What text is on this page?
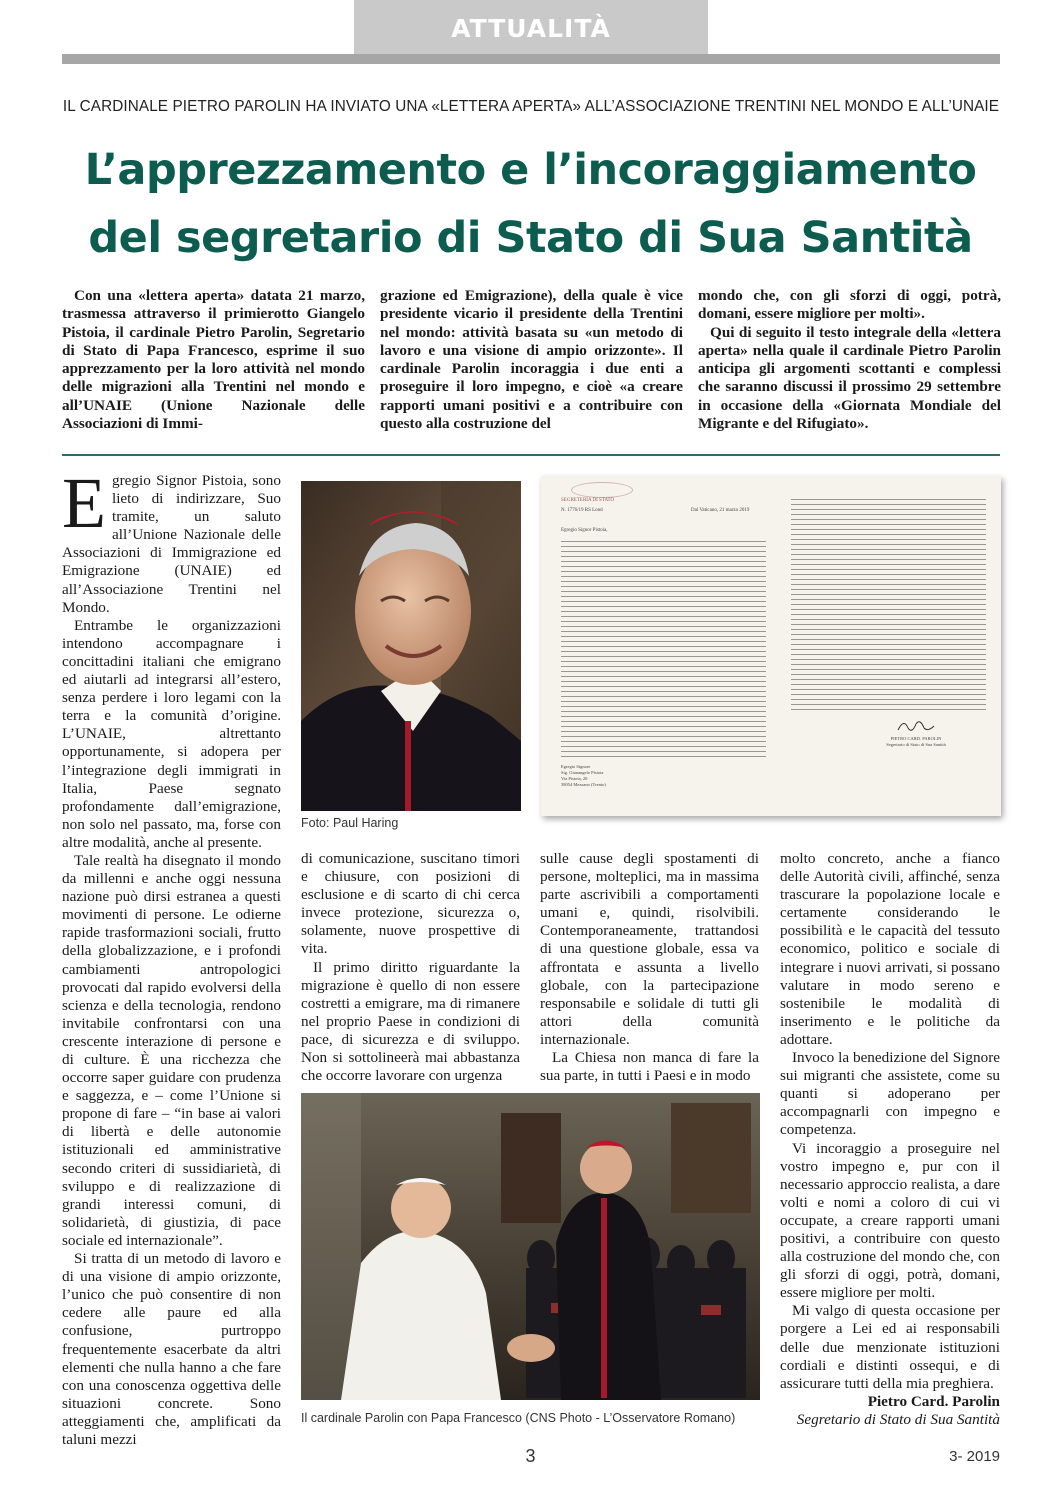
ATTUALITÀ
IL CARDINALE PIETRO PAROLIN HA INVIATO UNA «LETTERA APERTA» ALL’ASSOCIAZIONE TRENTINI NEL MONDO E ALL’UNAIE
L’apprezzamento e l’incoraggiamento
del segretario di Stato di Sua Santità

Con una «lettera aperta» datata 21 marzo, trasmessa attraverso il primierotto Giangelo Pistoia, il cardinale Pietro Parolin, Segretario di Stato di Papa Francesco, esprime il suo apprezzamento per la loro attività nel mondo delle migrazioni alla Trentini nel mondo e all’UNAIE (Unione Nazionale delle Associazioni di Immi-

grazione ed Emigrazione), della quale è vice presidente vicario il presidente della Trentini nel mondo: attività basata su «un metodo di lavoro e una visione di ampio orizzonte». Il cardinale Parolin incoraggia i due enti a proseguire il loro impegno, e cioè «a creare rapporti umani positivi e a contribuire con questo alla costruzione del

mondo che, con gli sforzi di oggi, potrà, domani, essere migliore per molti».

Qui di seguito il testo integrale della «lettera aperta» nella quale il cardinale Pietro Parolin anticipa gli argomenti scottanti e complessi che saranno discussi il prossimo 29 settembre in occasione della «Giornata Mondiale del Migrante e del Rifugiato».

Egregio Signor Pistoia, sono lieto di indirizzare, Suo tramite, un saluto all’Unione Nazionale delle Associazioni di Immigrazione ed Emigrazione (UNAIE) ed all’Associazione Trentini nel Mondo.

Entrambe le organizzazioni intendono accompagnare i concittadini italiani che emigrano ed aiutarli ad integrarsi all’estero, senza perdere i loro legami con la terra e la comunità d’origine. L’UNAIE, altrettanto opportunamente, si adopera per l’integrazione degli immigrati in Italia, Paese segnato profondamente dall’emigrazione, non solo nel passato, ma, forse con altre modalità, anche al presente.

Tale realtà ha disegnato il mondo da millenni e anche oggi nessuna nazione può dirsi estranea a questi movimenti di persone. Le odierne rapide trasformazioni sociali, frutto della globalizzazione, e i profondi cambiamenti antropologici provocati dal rapido evolversi della scienza e della tecnologia, rendono invitabile confrontarsi con una crescente interazione di persone e di culture. È una ricchezza che occorre saper guidare con prudenza e saggezza, e – come l’Unione si propone di fare – “in base ai valori di libertà e delle autonomie istituzionali ed amministrative secondo criteri di sussidiarietà, di sviluppo e di realizzazione di grandi interessi comuni, di solidarietà, di giustizia, di pace sociale ed internazionale”.

Si tratta di un metodo di lavoro e di una visione di ampio orizzonte, l’unico che può consentire di non cedere alle paure ed alla confusione, purtroppo frequentemente esacerbate da altri elementi che nulla hanno a che fare con una conoscenza oggettiva delle situazioni concrete. Sono atteggiamenti che, amplificati da taluni mezzi

Foto: Paul Haring
SEGRETERIA DI STATO
N. 1776/19 RS Lond	Dal Vaticano, 21 marzo 2019
Egregio Signor Pistoia,
Egregio Signore
Sig. Gianangelo Pistoia
Via Pistoia, 20
38054 Mezzano (Trento)
PIETRO CARD. PAROLIN
Segretario di Stato di Sua Santità

di comunicazione, suscitano timori e chiusure, con posizioni di esclusione e di scarto di chi cerca invece protezione, sicurezza o, solamente, nuove prospettive di vita.

Il primo diritto riguardante la migrazione è quello di non essere costretti a emigrare, ma di rimanere nel proprio Paese in condizioni di pace, di sicurezza e di sviluppo. Non si sottolineerà mai abbastanza che occorre lavorare con urgenza

sulle cause degli spostamenti di persone, molteplici, ma in massima parte ascrivibili a comportamenti umani e, quindi, risolvibili. Contemporaneamente, trattandosi di una questione globale, essa va affrontata e assunta a livello globale, con la partecipazione responsabile e solidale di tutti gli attori della comunità internazionale.

La Chiesa non manca di fare la sua parte, in tutti i Paesi e in modo

Il cardinale Parolin con Papa Francesco (CNS Photo - L’Osservatore Romano)

molto concreto, anche a fianco delle Autorità civili, affinché, senza trascurare la popolazione locale e certamente considerando le possibilità e le capacità del tessuto economico, politico e sociale di integrare i nuovi arrivati, si possano valutare in modo sereno e sostenibile le modalità di inserimento e le politiche da adottare.

Invoco la benedizione del Signore sui migranti che assistete, come su quanti si adoperano per accompagnarli con impegno e competenza.

Vi incoraggio a proseguire nel vostro impegno e, pur con il necessario approccio realista, a dare volti e nomi a coloro di cui vi occupate, a creare rapporti umani positivi, a contribuire con questo alla costruzione del mondo che, con gli sforzi di oggi, potrà, domani, essere migliore per molti.

Mi valgo di questa occasione per porgere a Lei ed ai responsabili delle due menzionate istituzioni cordiali e distinti ossequi, e di assicurare tutti della mia preghiera.

Pietro Card. Parolin
Segretario di Stato di Sua Santità
3	3- 2019
